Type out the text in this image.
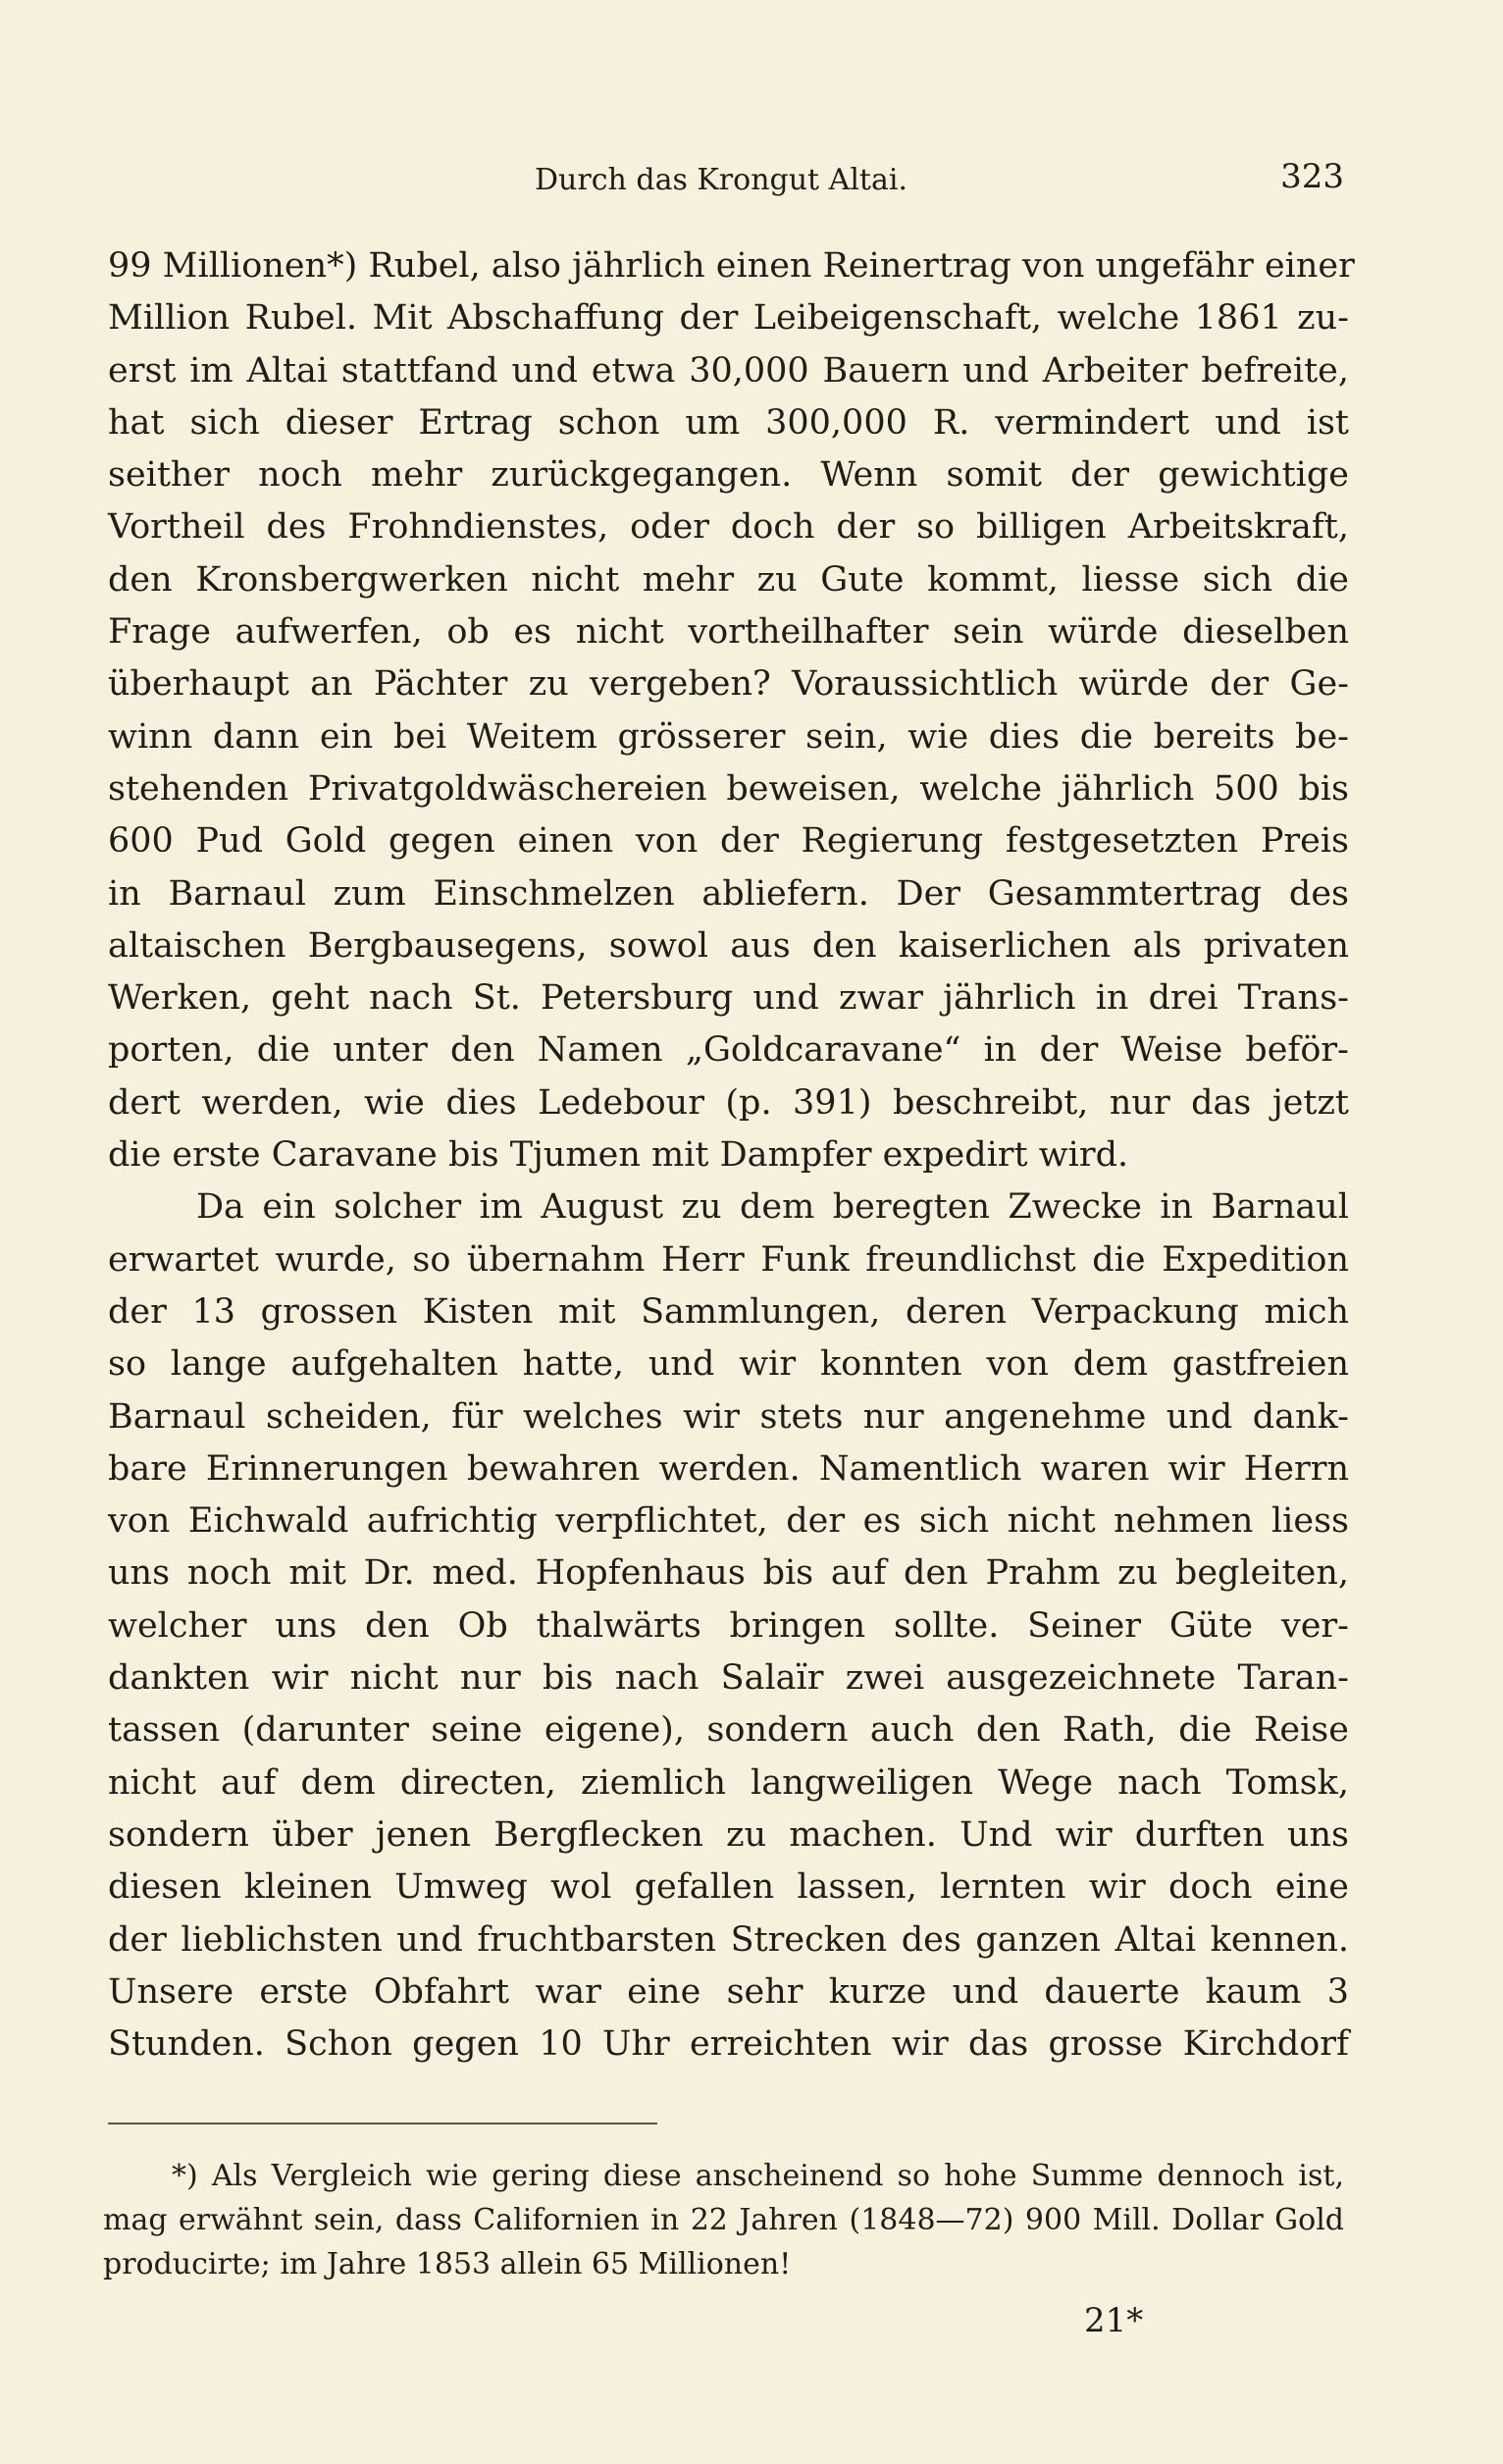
Durch das Krongut Altai.	323
99 Millionen*) Rubel, also jährlich einen Reinertrag von ungefähr einer
Million Rubel. Mit Abschaffung der Leibeigenschaft, welche 1861 zu-
erst im Altai stattfand und etwa 30,000 Bauern und Arbeiter befreite,
hat sich dieser Ertrag schon um 300,000 R. vermindert und ist
seither noch mehr zurückgegangen. Wenn somit der gewichtige
Vortheil des Frohndienstes, oder doch der so billigen Arbeitskraft,
den Kronsbergwerken nicht mehr zu Gute kommt, liesse sich die
Frage aufwerfen, ob es nicht vortheilhafter sein würde dieselben
überhaupt an Pächter zu vergeben? Voraussichtlich würde der Ge-
winn dann ein bei Weitem grösserer sein, wie dies die bereits be-
stehenden Privatgoldwäschereien beweisen, welche jährlich 500 bis
600 Pud Gold gegen einen von der Regierung festgesetzten Preis
in Barnaul zum Einschmelzen abliefern. Der Gesammtertrag des
altaischen Bergbausegens, sowol aus den kaiserlichen als privaten
Werken, geht nach St. Petersburg und zwar jährlich in drei Trans-
porten, die unter den Namen „Goldcaravane“ in der Weise beför-
dert werden, wie dies Ledebour (p. 391) beschreibt, nur das jetzt
die erste Caravane bis Tjumen mit Dampfer expedirt wird.
Da ein solcher im August zu dem beregten Zwecke in Barnaul
erwartet wurde, so übernahm Herr Funk freundlichst die Expedition
der 13 grossen Kisten mit Sammlungen, deren Verpackung mich
so lange aufgehalten hatte, und wir konnten von dem gastfreien
Barnaul scheiden, für welches wir stets nur angenehme und dank-
bare Erinnerungen bewahren werden. Namentlich waren wir Herrn
von Eichwald aufrichtig verpflichtet, der es sich nicht nehmen liess
uns noch mit Dr. med. Hopfenhaus bis auf den Prahm zu begleiten,
welcher uns den Ob thalwärts bringen sollte. Seiner Güte ver-
dankten wir nicht nur bis nach Salaïr zwei ausgezeichnete Taran-
tassen (darunter seine eigene), sondern auch den Rath, die Reise
nicht auf dem directen, ziemlich langweiligen Wege nach Tomsk,
sondern über jenen Bergflecken zu machen. Und wir durften uns
diesen kleinen Umweg wol gefallen lassen, lernten wir doch eine
der lieblichsten und fruchtbarsten Strecken des ganzen Altai kennen.
Unsere erste Obfahrt war eine sehr kurze und dauerte kaum 3
Stunden. Schon gegen 10 Uhr erreichten wir das grosse Kirchdorf
*) Als Vergleich wie gering diese anscheinend so hohe Summe dennoch ist,
mag erwähnt sein, dass Californien in 22 Jahren (1848—72) 900 Mill. Dollar Gold
producirte; im Jahre 1853 allein 65 Millionen!
21*
